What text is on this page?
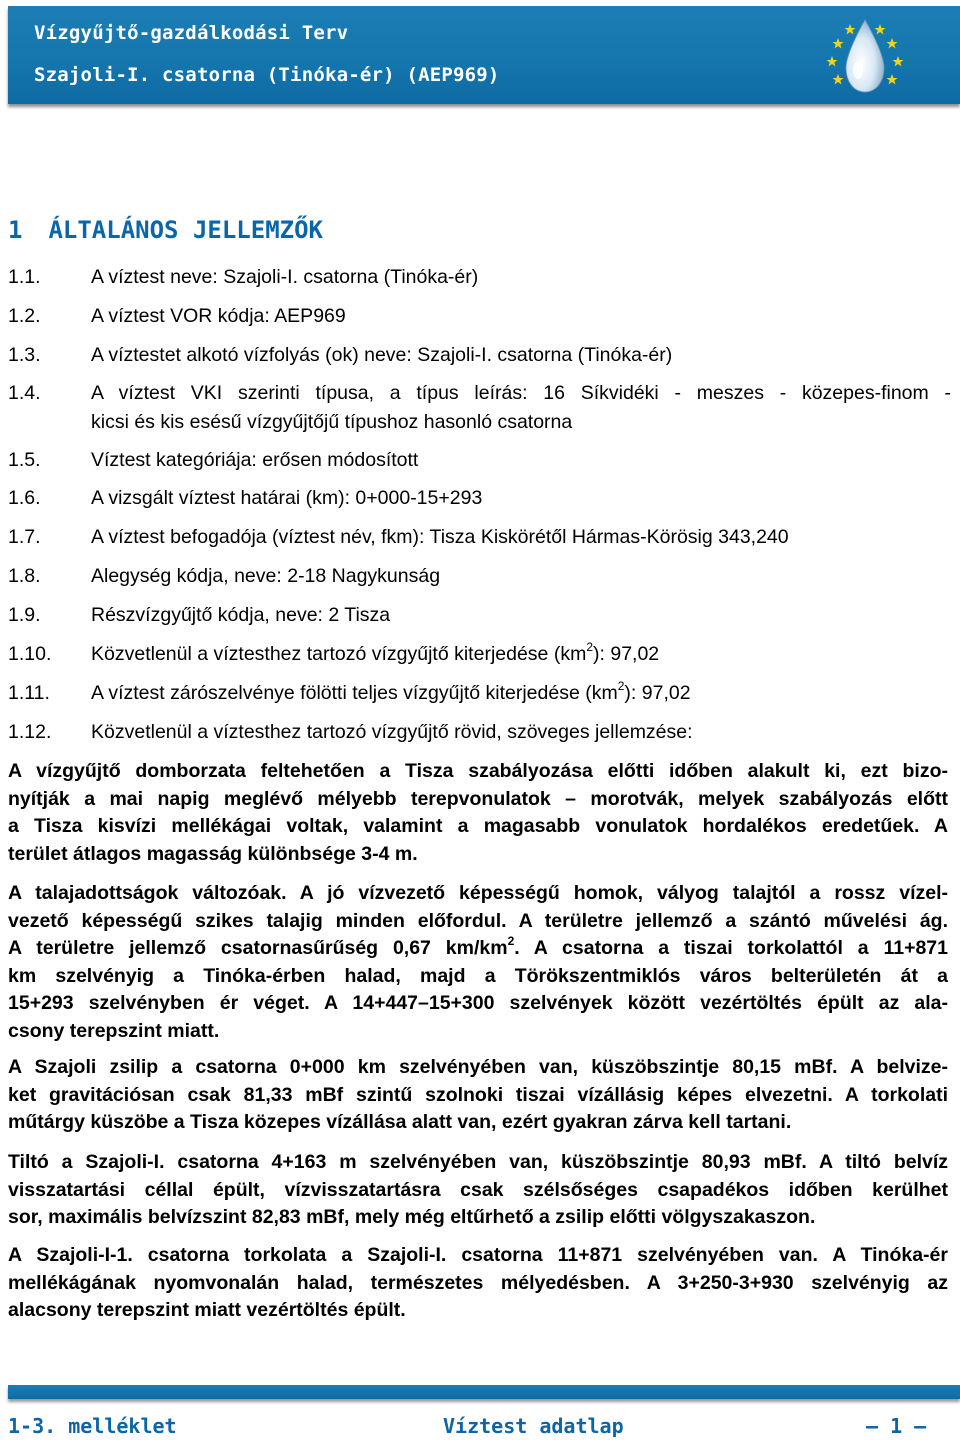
Vízgyűjtő-gazdálkodási Terv
Szajoli-I. csatorna (Tinóka-ér) (AEP969)
1 ÁLTALÁNOS JELLEMZŐK
1.1.	A víztest neve: Szajoli-I. csatorna (Tinóka-ér)
1.2.	A víztest VOR kódja: AEP969
1.3.	A víztestet alkotó vízfolyás (ok) neve: Szajoli-I. csatorna (Tinóka-ér)
1.4.	A víztest VKI szerinti típusa, a típus leírás: 16 Síkvidéki - meszes - közepes-finom -
kicsi és kis esésű vízgyűjtőjű típushoz hasonló csatorna
1.5.	Víztest kategóriája: erősen módosított
1.6.	A vizsgált víztest határai (km): 0+000-15+293
1.7.	A víztest befogadója (víztest név, fkm): Tisza Kiskörétől Hármas-Körösig 343,240
1.8.	Alegység kódja, neve: 2-18 Nagykunság
1.9.	Részvízgyűjtő kódja, neve: 2 Tisza
1.10. Közvetlenül a víztesthez tartozó vízgyűjtő kiterjedése $(km^2)$: 97,02
1.11. A víztest zárószelvénye fölötti teljes vízgyűjtő kiterjedése $(km^2)$: 97,02
1.12. Közvetlenül a víztesthez tartozó vízgyűjtő rövid, szöveges jellemzése:
A vízgyűjtő domborzata feltehetően a Tisza szabályozása előtti időben alakult ki, ezt bizo-
nyítják a mai napig meglévő mélyebb terepvonulatok – morotvák, melyek szabályozás előtt
a Tisza kisvízi mellékágai voltak, valamint a magasabb vonulatok hordalékos eredetűek. A
terület átlagos magasság különbsége 3-4 m.
A talajadottságok változóak. A jó vízvezető képességű homok, vályog talajtól a rossz vízel-
vezető képességű szikes talajig minden előfordul. A területre jellemző a szántó művelési ág.
A területre jellemző csatornasűrűség 0,67 $km/km^2$. A csatorna a tiszai torkolattól a 11+871
km szelvényig a Tinóka-érben halad, majd a Törökszentmiklós város belterületén át a
15+293 szelvényben ér véget. A 14+447–15+300 szelvények között vezértöltés épült az ala-
csony terepszint miatt.
A Szajoli zsilip a csatorna 0+000 km szelvényében van, küszöbszintje 80,15 mBf. A belvize-
ket gravitációsan csak 81,33 mBf szintű szolnoki tiszai vízállásig képes elvezetni. A torkolati
műtárgy küszöbe a Tisza közepes vízállása alatt van, ezért gyakran zárva kell tartani.
Tiltó a Szajoli-I. csatorna 4+163 m szelvényében van, küszöbszintje 80,93 mBf. A tiltó belvíz
visszatartási céllal épült, vízvisszatartásra csak szélsőséges csapadékos időben kerülhet
sor, maximális belvízszint 82,83 mBf, mely még eltűrhető a zsilip előtti völgyszakaszon.
A Szajoli-I-1. csatorna torkolata a Szajoli-I. csatorna 11+871 szelvényében van. A Tinóka-ér
mellékágának nyomvonalán halad, természetes mélyedésben. A 3+250-3+930 szelvényig az
alacsony terepszint miatt vezértöltés épült.
1-3. melléklet	Víztest adatlap	– 1 –
